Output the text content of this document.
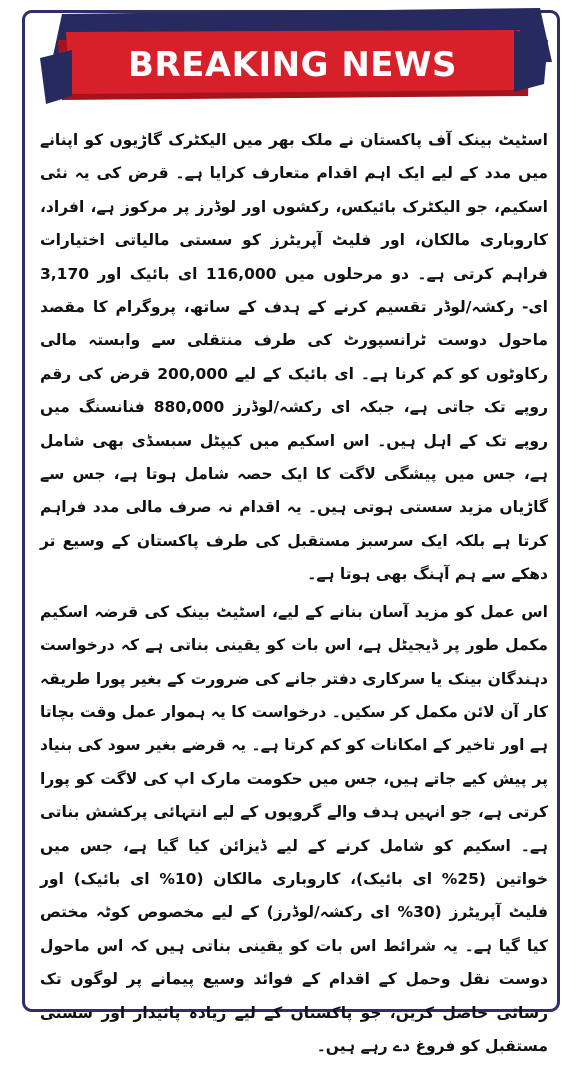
BREAKING NEWS

اسٹیٹ بینک آف پاکستان نے ملک بھر میں الیکٹرک گاڑیوں کو اپنانے میں مدد کے لیے ایک اہم اقدام متعارف کرایا ہے۔ قرض کی یہ نئی اسکیم، جو الیکٹرک بائیکس، رکشوں اور لوڈرز پر مرکوز ہے، افراد، کاروباری مالکان، اور فلیٹ آپریٹرز کو سستی مالیاتی اختیارات فراہم کرتی ہے۔ دو مرحلوں میں 116,000 ای بائیک اور 3,170 ای- رکشہ/لوڈر تقسیم کرنے کے ہدف کے ساتھ، پروگرام کا مقصد ماحول دوست ٹرانسپورٹ کی طرف منتقلی سے وابستہ مالی رکاوٹوں کو کم کرنا ہے۔ ای بائیک کے لیے 200,000 قرض کی رقم روپے تک جاتی ہے، جبکہ ای رکشہ/لوڈرز 880,000 فنانسنگ میں روپے تک کے اہل ہیں۔ اس اسکیم میں کیپٹل سبسڈی بھی شامل ہے، جس میں پیشگی لاگت کا ایک حصہ شامل ہوتا ہے، جس سے گاڑیاں مزید سستی ہوتی ہیں۔ یہ اقدام نہ صرف مالی مدد فراہم کرتا ہے بلکہ ایک سرسبز مستقبل کی طرف پاکستان کے وسیع تر دھکے سے ہم آہنگ بھی ہوتا ہے۔

اس عمل کو مزید آسان بنانے کے لیے، اسٹیٹ بینک کی قرضہ اسکیم مکمل طور پر ڈیجیٹل ہے، اس بات کو یقینی بناتی ہے کہ درخواست دہندگان بینک یا سرکاری دفتر جانے کی ضرورت کے بغیر پورا طریقہ کار آن لائن مکمل کر سکیں۔ درخواست کا یہ ہموار عمل وقت بچاتا ہے اور تاخیر کے امکانات کو کم کرتا ہے۔ یہ قرضے بغیر سود کی بنیاد پر پیش کیے جاتے ہیں، جس میں حکومت مارک اپ کی لاگت کو پورا کرتی ہے، جو انہیں ہدف والے گروپوں کے لیے انتہائی پرکشش بناتی ہے۔ اسکیم کو شامل کرنے کے لیے ڈیزائن کیا گیا ہے، جس میں خواتین (25% ای بائیک)، کاروباری مالکان (10% ای بائیک) اور فلیٹ آپریٹرز (30% ای رکشہ/لوڈرز) کے لیے مخصوص کوٹہ مختص کیا گیا ہے۔ یہ شرائط اس بات کو یقینی بناتی ہیں کہ اس ماحول دوست نقل وحمل کے اقدام کے فوائد وسیع پیمانے پر لوگوں تک رسائی حاصل کریں، جو پاکستان کے لیے زیادہ پائیدار اور سستی مستقبل کو فروغ دے رہے ہیں۔
